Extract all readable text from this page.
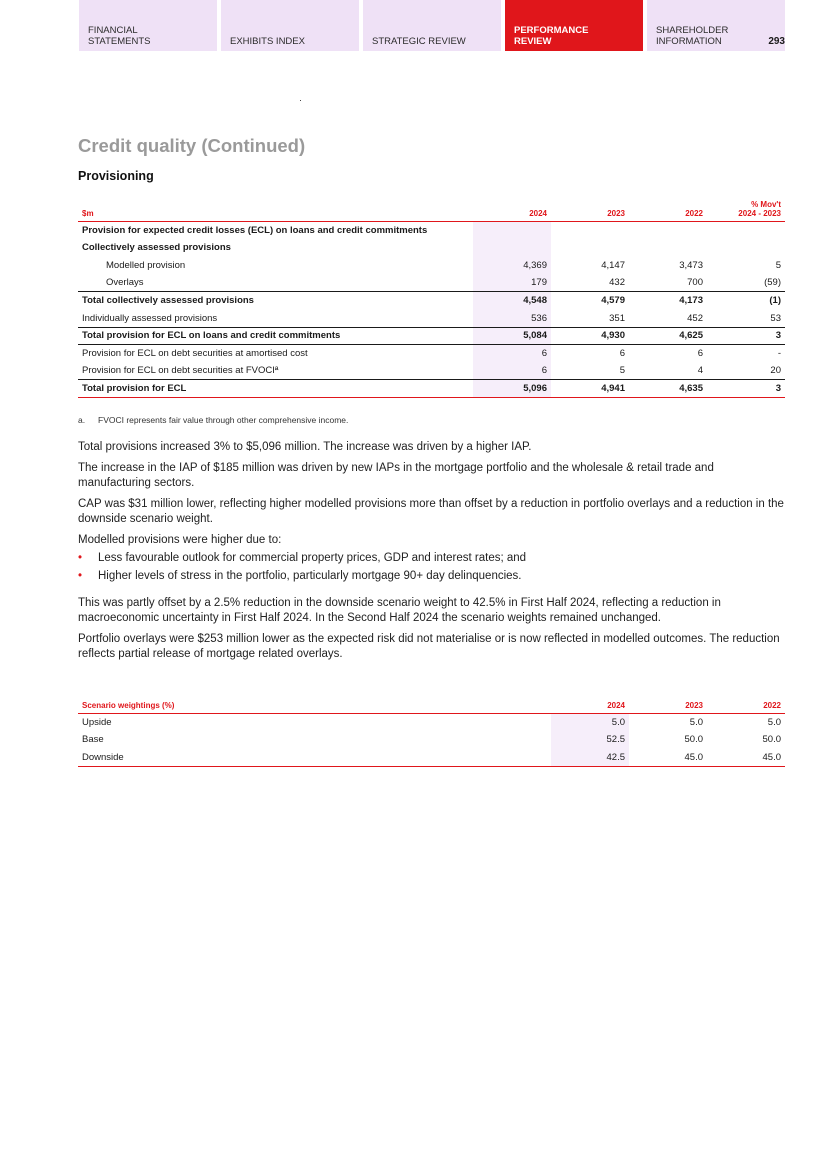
FINANCIAL
STATEMENTS	EXHIBITS INDEX	STRATEGIC REVIEW
PERFORMANCE
REVIEW
SHAREHOLDER
INFORMATION	293
Credit quality (Continued)
Provisioning
$m	2024	2023	2022	% Mov't
2024 - 2023
Provision for expected credit losses (ECL) on loans and credit commitments				
Collectively assessed provisions				
Modelled provision	4,369	4,147	3,473	5
Overlays	179	432	700	(59)
Total collectively assessed provisions	4,548	4,579	4,173	(1)
Individually assessed provisions	536	351	452	53
Total provision for ECL on loans and credit commitments	5,084	4,930	4,625	3
Provision for ECL on debt securities at amortised cost	6	6	6	-
Provision for ECL on debt securities at FVOCIª	6	5	4	20
Total provision for ECL	5,096	4,941	4,635	3
a. FVOCI represents fair value through other comprehensive income.

Total provisions increased 3% to $5,096 million. The increase was driven by a higher IAP.

The increase in the IAP of $185 million was driven by new IAPs in the mortgage portfolio and the wholesale & retail trade and manufacturing sectors.

CAP was $31 million lower, reflecting higher modelled provisions more than offset by a reduction in portfolio overlays and a reduction in the downside scenario weight.

Modelled provisions were higher due to:

• Less favourable outlook for commercial property prices, GDP and interest rates; and
• Higher levels of stress in the portfolio, particularly mortgage 90+ day delinquencies.

This was partly offset by a 2.5% reduction in the downside scenario weight to 42.5% in First Half 2024, reflecting a reduction in macroeconomic uncertainty in First Half 2024. In the Second Half 2024 the scenario weights remained unchanged.

Portfolio overlays were $253 million lower as the expected risk did not materialise or is now reflected in modelled outcomes. The reduction reflects partial release of mortgage related overlays.

Scenario weightings (%)	2024	2023	2022
Upside	5.0	5.0	5.0
Base	52.5	50.0	50.0
Downside	42.5	45.0	45.0
